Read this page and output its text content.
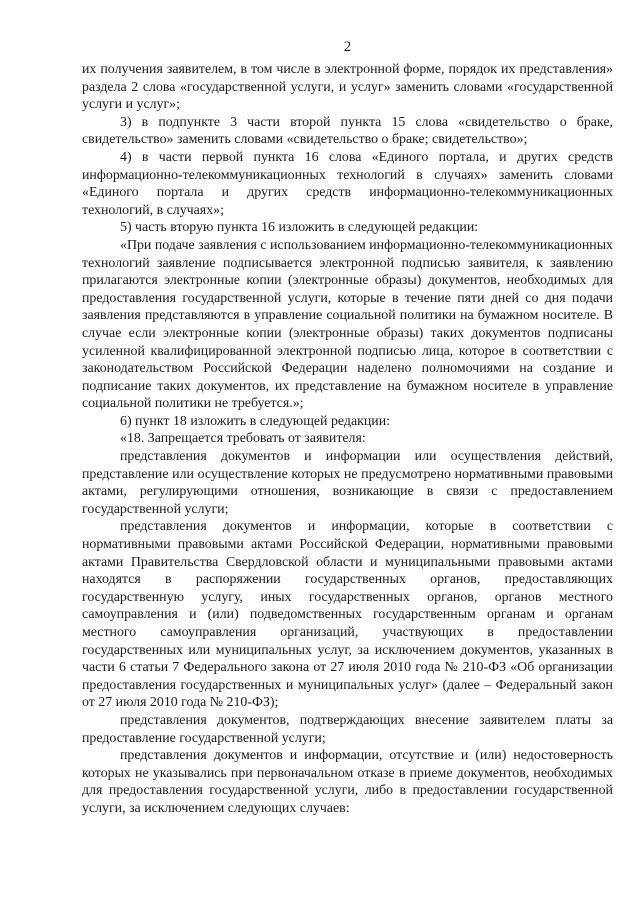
2

их получения заявителем, в том числе в электронной форме, порядок их представления» раздела 2 слова «государственной услуги, и услуг» заменить словами «государственной услуги и услуг»;

3) в подпункте 3 части второй пункта 15 слова «свидетельство о браке, свидетельство» заменить словами «свидетельство о браке; свидетельство»;

4) в части первой пункта 16 слова «Единого портала, и других средств информационно-телекоммуникационных технологий в случаях» заменить словами «Единого портала и других средств информационно-телекоммуникационных технологий, в случаях»;

5) часть вторую пункта 16 изложить в следующей редакции:

«При подаче заявления с использованием информационно-телекоммуникационных технологий заявление подписывается электронной подписью заявителя, к заявлению прилагаются электронные копии (электронные образы) документов, необходимых для предоставления государственной услуги, которые в течение пяти дней со дня подачи заявления представляются в управление социальной политики на бумажном носителе. В случае если электронные копии (электронные образы) таких документов подписаны усиленной квалифицированной электронной подписью лица, которое в соответствии с законодательством Российской Федерации наделено полномочиями на создание и подписание таких документов, их представление на бумажном носителе в управление социальной политики не требуется.»;

6) пункт 18 изложить в следующей редакции:

«18. Запрещается требовать от заявителя:

представления документов и информации или осуществления действий, представление или осуществление которых не предусмотрено нормативными правовыми актами, регулирующими отношения, возникающие в связи с предоставлением государственной услуги;

представления документов и информации, которые в соответствии с нормативными правовыми актами Российской Федерации, нормативными правовыми актами Правительства Свердловской области и муниципальными правовыми актами находятся в распоряжении государственных органов, предоставляющих государственную услугу, иных государственных органов, органов местного самоуправления и (или) подведомственных государственным органам и органам местного самоуправления организаций, участвующих в предоставлении государственных или муниципальных услуг, за исключением документов, указанных в части 6 статьи 7 Федерального закона от 27 июля 2010 года № 210-ФЗ «Об организации предоставления государственных и муниципальных услуг» (далее – Федеральный закон от 27 июля 2010 года № 210-ФЗ);

представления документов, подтверждающих внесение заявителем платы за предоставление государственной услуги;

представления документов и информации, отсутствие и (или) недостоверность которых не указывались при первоначальном отказе в приеме документов, необходимых для предоставления государственной услуги, либо в предоставлении государственной услуги, за исключением следующих случаев:
